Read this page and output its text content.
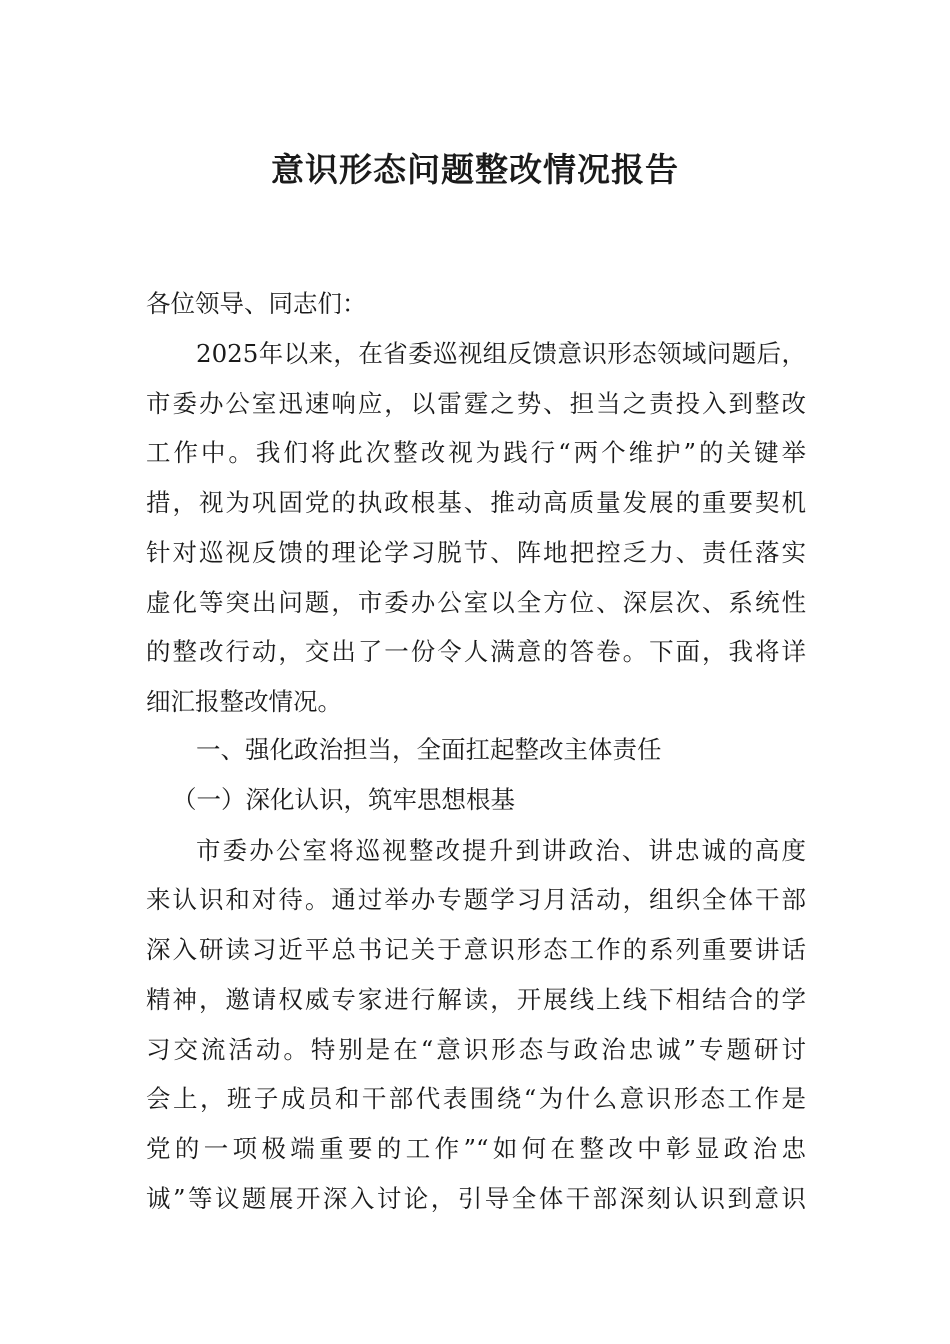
意识形态问题整改情况报告
各位领导、同志们：
2025年以来，在省委巡视组反馈意识形态领域问题后，
市委办公室迅速响应，以雷霆之势、担当之责投入到整改
工作中。我们将此次整改视为践行“两个维护”的关键举
措，视为巩固党的执政根基、推动高质量发展的重要契机
针对巡视反馈的理论学习脱节、阵地把控乏力、责任落实
虚化等突出问题，市委办公室以全方位、深层次、系统性
的整改行动，交出了一份令人满意的答卷。下面，我将详
细汇报整改情况。
一、强化政治担当，全面扛起整改主体责任
（一）深化认识，筑牢思想根基
市委办公室将巡视整改提升到讲政治、讲忠诚的高度
来认识和对待。通过举办专题学习月活动，组织全体干部
深入研读习近平总书记关于意识形态工作的系列重要讲话
精神，邀请权威专家进行解读，开展线上线下相结合的学
习交流活动。特别是在“意识形态与政治忠诚”专题研讨
会上，班子成员和干部代表围绕“为什么意识形态工作是
党的一项极端重要的工作”“如何在整改中彰显政治忠
诚”等议题展开深入讨论，引导全体干部深刻认识到意识
